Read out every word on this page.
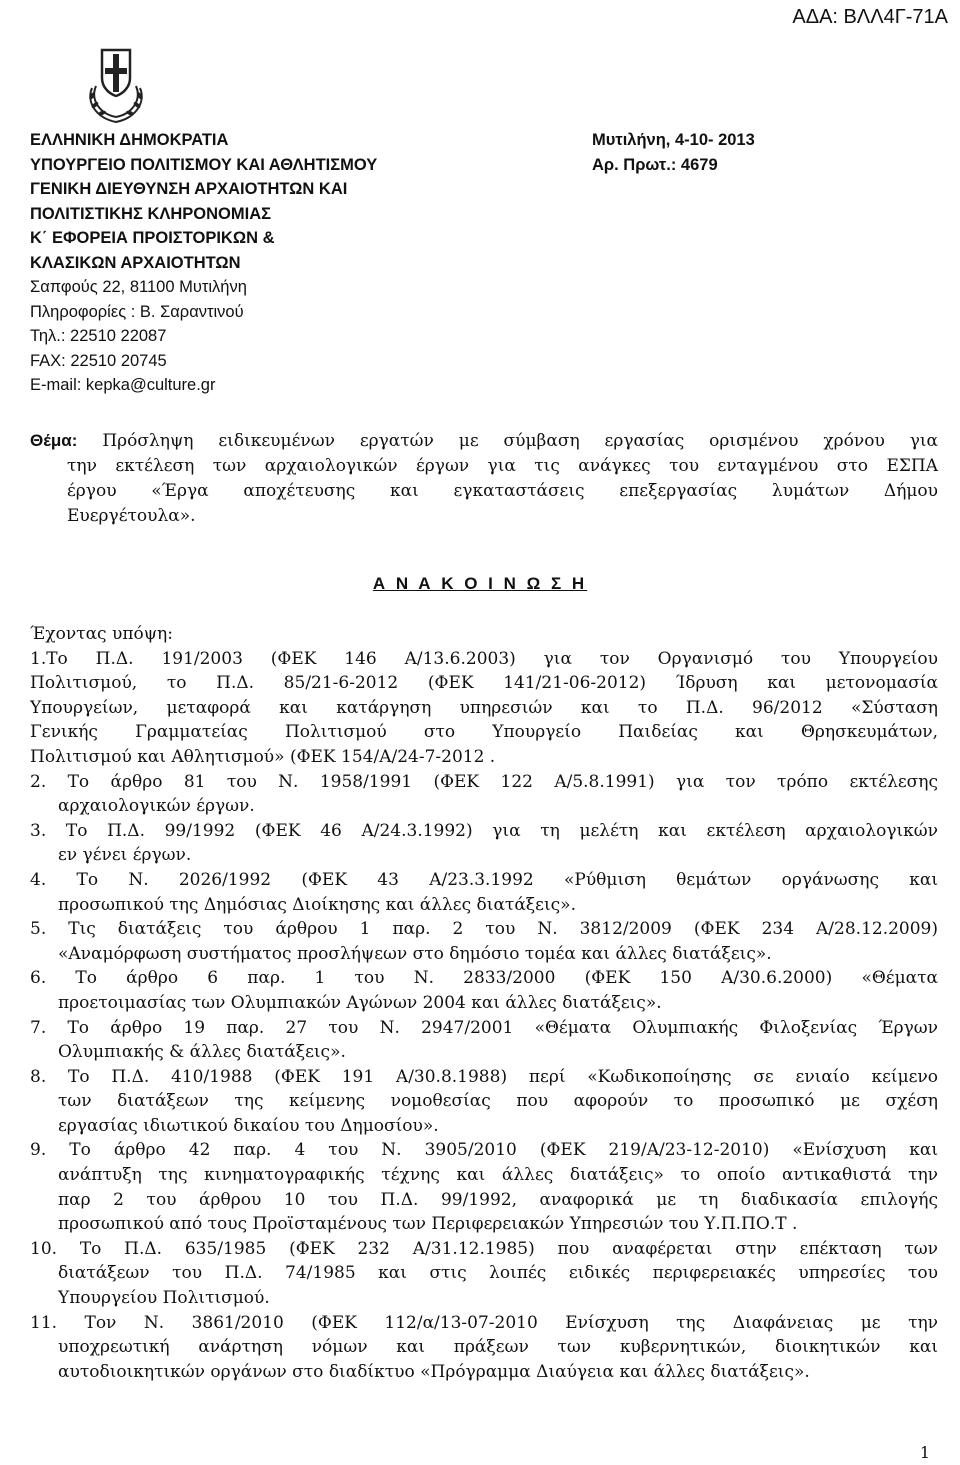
ΑΔΑ: ΒΛΛ4Γ-71Α
ΕΛΛΗΝΙΚΗ ΔΗΜΟΚΡΑΤΙΑ
ΥΠΟΥΡΓΕΙΟ ΠΟΛΙΤΙΣΜΟΥ ΚΑΙ ΑΘΛΗΤΙΣΜΟΥ
ΓΕΝΙΚΗ ΔΙΕΥΘΥΝΣΗ ΑΡΧΑΙΟΤΗΤΩΝ ΚΑΙ
ΠΟΛΙΤΙΣΤΙΚΗΣ ΚΛΗΡΟΝΟΜΙΑΣ
Κ΄ ΕΦΟΡΕΙΑ ΠΡΟΙΣΤΟΡΙΚΩΝ &
ΚΛΑΣΙΚΩΝ ΑΡΧΑΙΟΤΗΤΩΝ
Σαπφούς 22, 81100 Μυτιλήνη
Πληροφορίες : Β. Σαραντινού
Τηλ.: 22510 22087
FAX: 22510 20745
E-mail: kepka@culture.gr
Μυτιλήνη, 4-10- 2013
Αρ. Πρωτ.: 4679
Θέμα: Πρόσληψη ειδικευμένων εργατών με σύμβαση εργασίας ορισμένου χρόνου για
την εκτέλεση των αρχαιολογικών έργων για τις ανάγκες του ενταγμένου στο ΕΣΠΑ
έργου «Έργα αποχέτευσης και εγκαταστάσεις επεξεργασίας λυμάτων Δήμου
Ευεργέτουλα».
Α Ν Α Κ Ο Ι Ν Ω Σ Η
Έχοντας υπόψη:
1.Το Π.Δ. 191/2003 (ΦΕΚ 146 Α/13.6.2003) για τον Οργανισμό του Υπουργείου
Πολιτισμού, το Π.Δ. 85/21-6-2012 (ΦΕΚ 141/21-06-2012) Ίδρυση και μετονομασία
Υπουργείων, μεταφορά και κατάργηση υπηρεσιών και το Π.Δ. 96/2012 «Σύσταση
Γενικής Γραμματείας Πολιτισμού στο Υπουργείο Παιδείας και Θρησκευμάτων,
Πολιτισμού και Αθλητισμού» (ΦΕΚ 154/Α/24-7-2012 .
2. Το άρθρο 81 του Ν. 1958/1991 (ΦΕΚ 122 Α/5.8.1991) για τον τρόπο εκτέλεσης
αρχαιολογικών έργων.
3. Το Π.Δ. 99/1992 (ΦΕΚ 46 Α/24.3.1992) για τη μελέτη και εκτέλεση αρχαιολογικών
εν γένει έργων.
4. Το Ν. 2026/1992 (ΦΕΚ 43 Α/23.3.1992 «Ρύθμιση θεμάτων οργάνωσης και
προσωπικού της Δημόσιας Διοίκησης και άλλες διατάξεις».
5. Τις διατάξεις του άρθρου 1 παρ. 2 του Ν. 3812/2009 (ΦΕΚ 234 Α/28.12.2009)
«Αναμόρφωση συστήματος προσλήψεων στο δημόσιο τομέα και άλλες διατάξεις».
6. Το άρθρο 6 παρ. 1 του Ν. 2833/2000 (ΦΕΚ 150 Α/30.6.2000) «Θέματα
προετοιμασίας των Ολυμπιακών Αγώνων 2004 και άλλες διατάξεις».
7. Το άρθρο 19 παρ. 27 του Ν. 2947/2001 «Θέματα Ολυμπιακής Φιλοξενίας Έργων
Ολυμπιακής & άλλες διατάξεις».
8. Το Π.Δ. 410/1988 (ΦΕΚ 191 Α/30.8.1988) περί «Κωδικοποίησης σε ενιαίο κείμενο
των διατάξεων της κείμενης νομοθεσίας που αφορούν το προσωπικό με σχέση
εργασίας ιδιωτικού δικαίου του Δημοσίου».
9. Το άρθρο 42 παρ. 4 του Ν. 3905/2010 (ΦΕΚ 219/Α/23-12-2010) «Ενίσχυση και
ανάπτυξη της κινηματογραφικής τέχνης και άλλες διατάξεις» το οποίο αντικαθιστά την
παρ 2 του άρθρου 10 του Π.Δ. 99/1992, αναφορικά με τη διαδικασία επιλογής
προσωπικού από τους Προϊσταμένους των Περιφερειακών Υπηρεσιών του Υ.Π.ΠΟ.Τ .
10. Το Π.Δ. 635/1985 (ΦΕΚ 232 Α/31.12.1985) που αναφέρεται στην επέκταση των
διατάξεων του Π.Δ. 74/1985 και στις λοιπές ειδικές περιφερειακές υπηρεσίες του
Υπουργείου Πολιτισμού.
11. Τον Ν. 3861/2010 (ΦΕΚ 112/α/13-07-2010 Ενίσχυση της Διαφάνειας με την
υποχρεωτική ανάρτηση νόμων και πράξεων των κυβερνητικών, διοικητικών και
αυτοδιοικητικών οργάνων στο διαδίκτυο «Πρόγραμμα Διαύγεια και άλλες διατάξεις».
1
